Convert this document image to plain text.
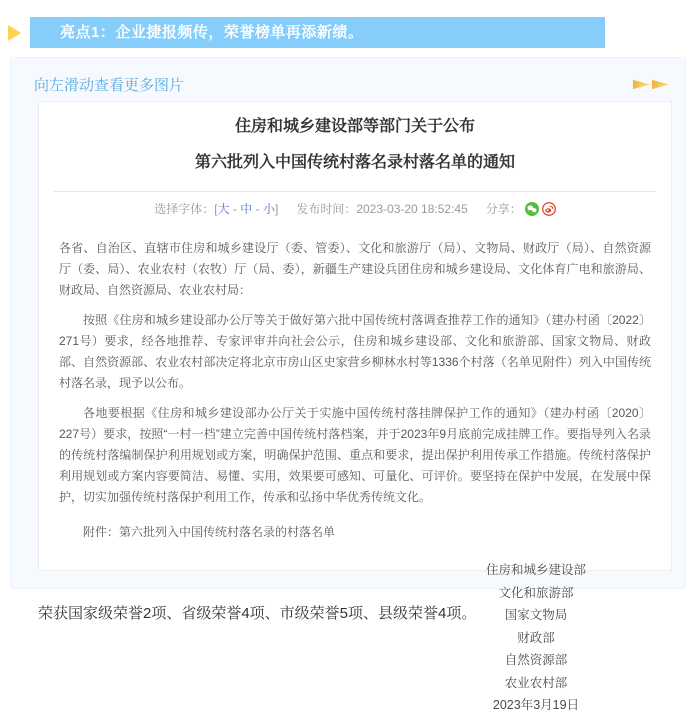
亮点1：企业捷报频传，荣誉榜单再添新绩。
向左滑动查看更多图片
住房和城乡建设部等部门关于公布
第六批列入中国传统村落名录村落名单的通知
选择字体：[大 - 中 - 小] 发布时间：2023-03-20 18:52:45 分享：

各省、自治区、直辖市住房和城乡建设厅（委、管委）、文化和旅游厅（局）、文物局、财政厅（局）、自然资源厅（委、局）、农业农村（农牧）厅（局、委），新疆生产建设兵团住房和城乡建设局、文化体育广电和旅游局、财政局、自然资源局、农业农村局：

按照《住房和城乡建设部办公厅等关于做好第六批中国传统村落调查推荐工作的通知》（建办村函〔2022〕271号）要求，经各地推荐、专家评审并向社会公示，住房和城乡建设部、文化和旅游部、国家文物局、财政部、自然资源部、农业农村部决定将北京市房山区史家营乡柳林水村等1336个村落（名单见附件）列入中国传统村落名录，现予以公布。

各地要根据《住房和城乡建设部办公厅关于实施中国传统村落挂牌保护工作的通知》（建办村函〔2020〕227号）要求，按照“一村一档”建立完善中国传统村落档案，并于2023年9月底前完成挂牌工作。要指导列入名录的传统村落编制保护利用规划或方案，明确保护范围、重点和要求，提出保护利用传承工作措施。传统村落保护利用规划或方案内容要简洁、易懂、实用，效果要可感知、可量化、可评价。要坚持在保护中发展，在发展中保护，切实加强传统村落保护利用工作，传承和弘扬中华优秀传统文化。

附件：第六批列入中国传统村落名录的村落名单

住房和城乡建设部
文化和旅游部
国家文物局
财政部
自然资源部
农业农村部
2023年3月19日
荣获国家级荣誉2项、省级荣誉4项、市级荣誉5项、县级荣誉4项。
